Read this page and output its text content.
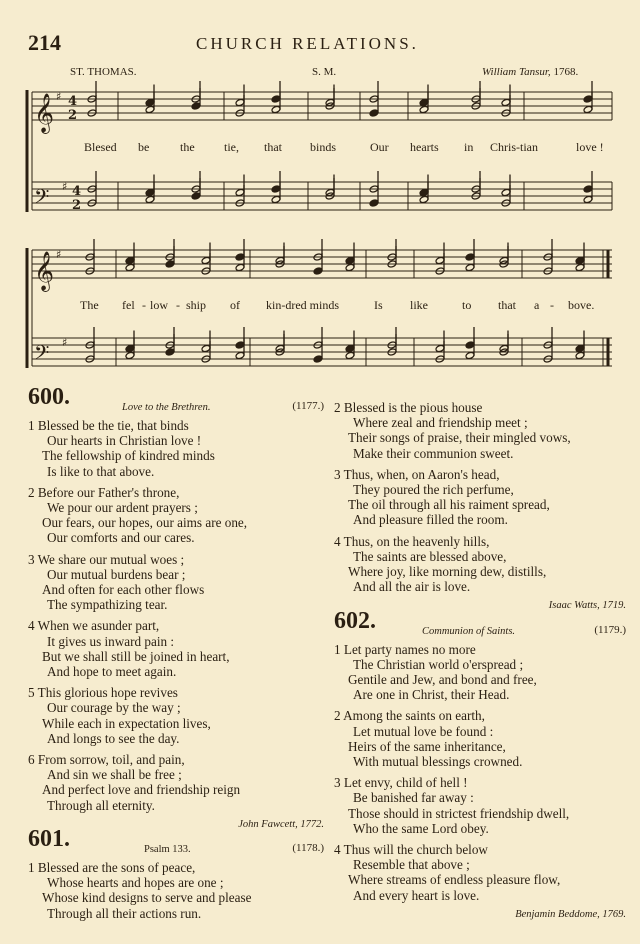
214	CHURCH RELATIONS.
ST. THOMAS.	S. M.	William Tansur, 1768.
𝄞
𝄢
𝄞
𝄢
♯
♯
♯
♯
4
2
4
2
Blesed be	the tie, that binds	Our hearts in Chris-tian	love !
The fel - low - ship of kin-dred minds	Is like	to that a - bove.
600.	Love to the Brethren.	(1177.)
1 Blessed be the tie, that binds
Our hearts in Christian love !
The fellowship of kindred minds
Is like to that above.
2 Before our Father's throne,
We pour our ardent prayers ;
Our fears, our hopes, our aims are one,
Our comforts and our cares.
3 We share our mutual woes ;
Our mutual burdens bear ;
And often for each other flows
The sympathizing tear.
4 When we asunder part,
It gives us inward pain :
But we shall still be joined in heart,
And hope to meet again.
5 This glorious hope revives
Our courage by the way ;
While each in expectation lives,
And longs to see the day.
6 From sorrow, toil, and pain,
And sin we shall be free ;
And perfect love and friendship reign
Through all eternity.
John Fawcett, 1772.
601.	Psalm 133.	(1178.)
1 Blessed are the sons of peace,
Whose hearts and hopes are one ;
Whose kind designs to serve and please
Through all their actions run.
2 Blessed is the pious house
Where zeal and friendship meet ;
Their songs of praise, their mingled vows,
Make their communion sweet.
3 Thus, when, on Aaron's head,
They poured the rich perfume,
The oil through all his raiment spread,
And pleasure filled the room.
4 Thus, on the heavenly hills,
The saints are blessed above,
Where joy, like morning dew, distills,
And all the air is love.
Isaac Watts, 1719.
602.	Communion of Saints.	(1179.)
1 Let party names no more
The Christian world o'erspread ;
Gentile and Jew, and bond and free,
Are one in Christ, their Head.
2 Among the saints on earth,
Let mutual love be found :
Heirs of the same inheritance,
With mutual blessings crowned.
3 Let envy, child of hell !
Be banished far away :
Those should in strictest friendship dwell,
Who the same Lord obey.
4 Thus will the church below
Resemble that above ;
Where streams of endless pleasure flow,
And every heart is love.
Benjamin Beddome, 1769.
